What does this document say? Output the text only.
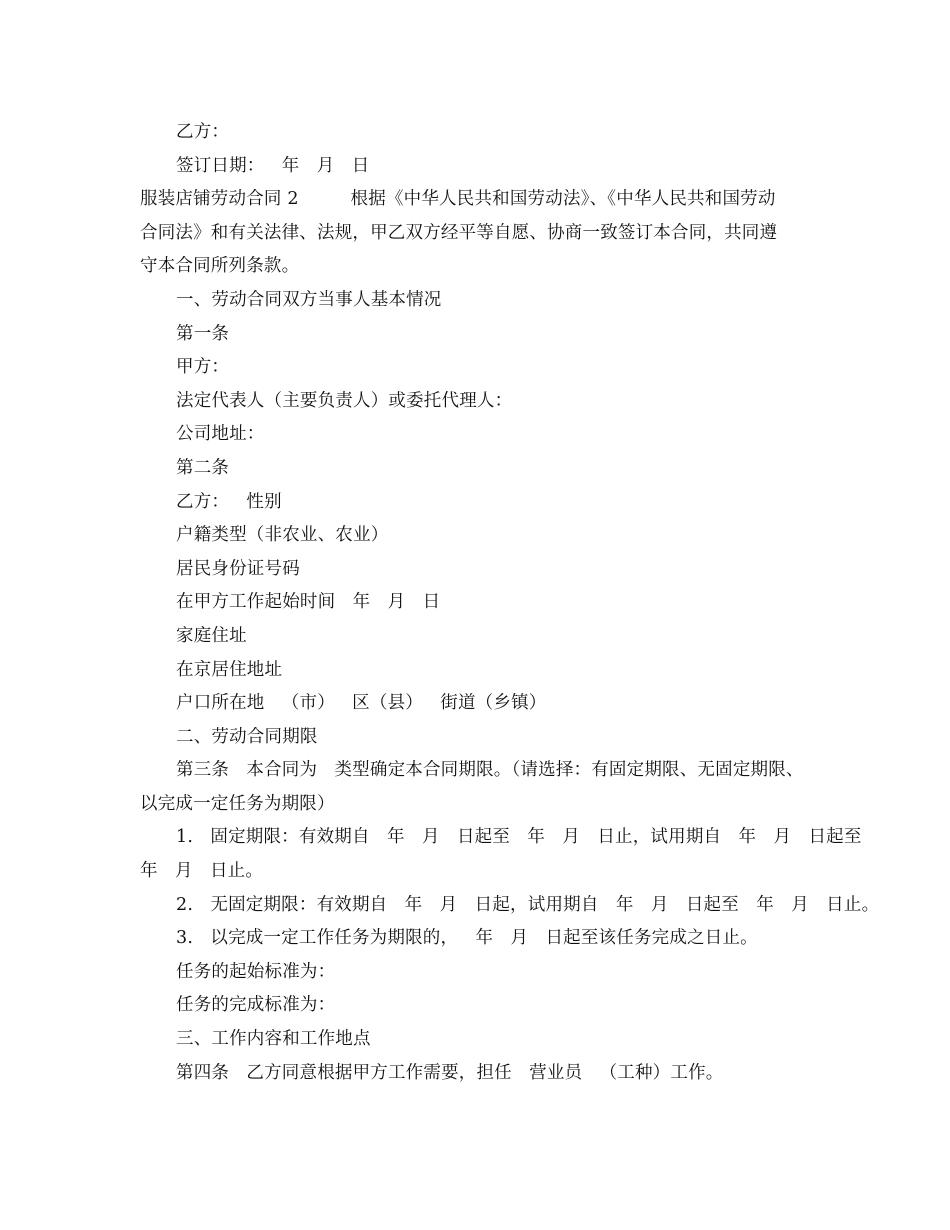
乙方：
签订日期：   年   月   日
服装店铺劳动合同 2         根据《中华人民共和国劳动法》、《中华人民共和国劳动
合同法》和有关法律、法规，甲乙双方经平等自愿、协商一致签订本合同，共同遵
守本合同所列条款。
一、劳动合同双方当事人基本情况
第一条
甲方：
法定代表人（主要负责人）或委托代理人：
公司地址：
第二条
乙方：   性别
户籍类型（非农业、农业）
居民身份证号码
在甲方工作起始时间   年   月   日
家庭住址
在京居住地址
户口所在地   （市）   区（县）   街道（乡镇）
二、劳动合同期限
第三条   本合同为   类型确定本合同期限。（请选择：有固定期限、无固定期限、
以完成一定任务为期限）
1.   固定期限：有效期自   年   月   日起至   年   月   日止，试用期自   年   月   日起至
年   月   日止。
2.   无固定期限：有效期自   年   月   日起，试用期自   年   月   日起至   年   月   日止。
3.   以完成一定工作任务为期限的，   年   月   日起至该任务完成之日止。
任务的起始标准为：
任务的完成标准为：
三、工作内容和工作地点
第四条   乙方同意根据甲方工作需要，担任   营业员   （工种）工作。
